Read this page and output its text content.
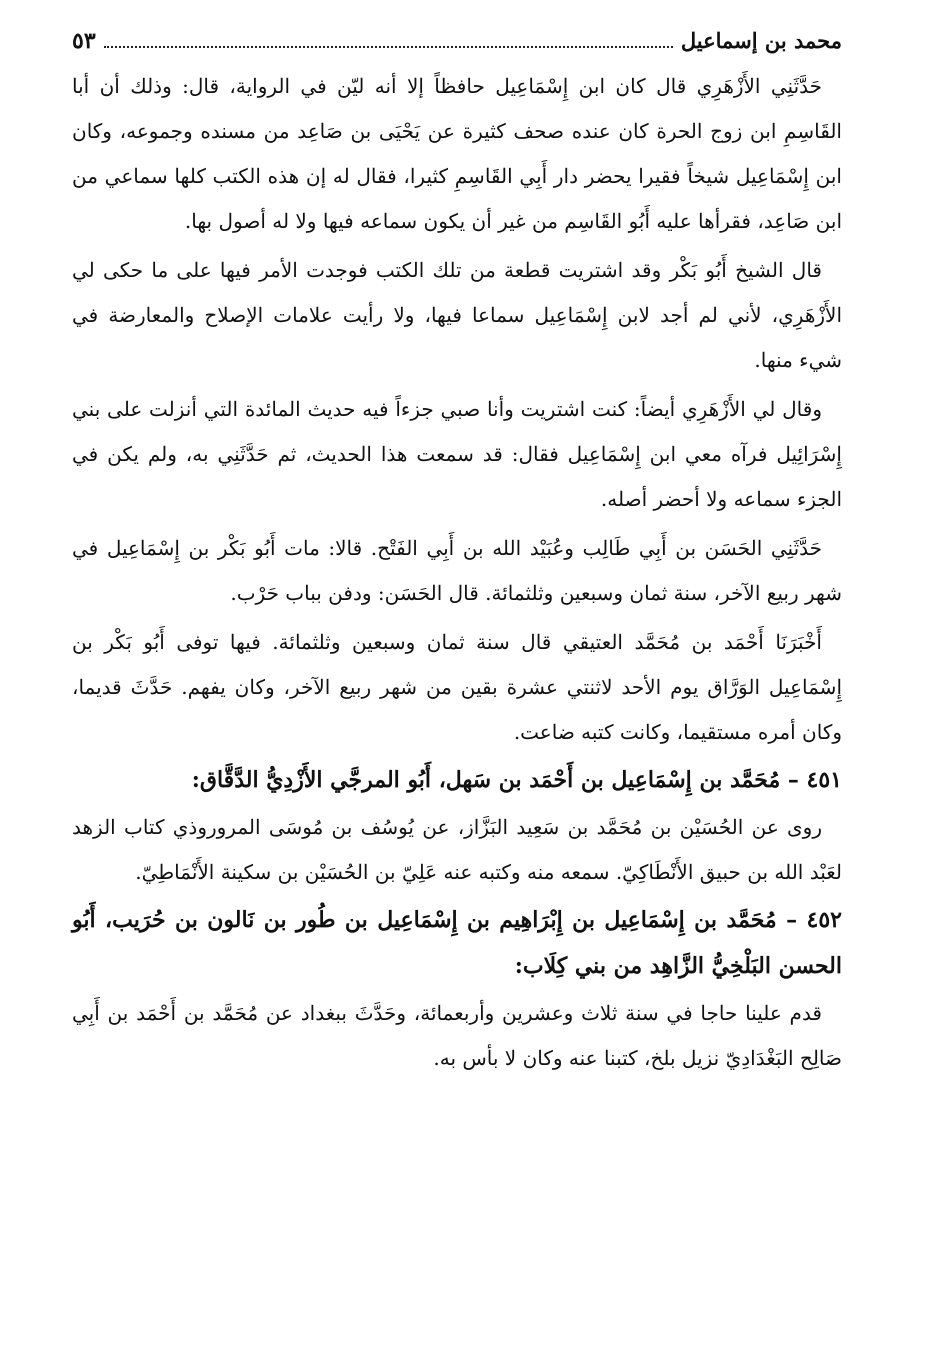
محمد بن إسماعيل
٥٣

حَدَّثَنِي الأَزْهَرِي قال كان ابن إِسْمَاعِيل حافظاً إلا أنه ليّن في الرواية، قال: وذلك أن أبا القَاسِمِ ابن زوج الحرة كان عنده صحف كثيرة عن يَحْيَى بن صَاعِد من مسنده وجموعه، وكان ابن إِسْمَاعِيل شيخاً فقيرا يحضر دار أَبِي القَاسِمِ كثيرا، فقال له إن هذه الكتب كلها سماعي من ابن صَاعِد، فقرأها عليه أَبُو القَاسِم من غير أن يكون سماعه فيها ولا له أصول بها.

قال الشيخ أَبُو بَكْر وقد اشتريت قطعة من تلك الكتب فوجدت الأمر فيها على ما حكى لي الأَزْهَرِي، لأني لم أجد لابن إِسْمَاعِيل سماعا فيها، ولا رأيت علامات الإصلاح والمعارضة في شيء منها.

وقال لي الأَزْهَرِي أيضاً: كنت اشتريت وأنا صبي جزءاً فيه حديث المائدة التي أنزلت على بني إِسْرَائِيل فرآه معي ابن إِسْمَاعِيل فقال: قد سمعت هذا الحديث، ثم حَدَّثَنِي به، ولم يكن في الجزء سماعه ولا أحضر أصله.

حَدَّثَنِي الحَسَن بن أَبِي طَالِب وعُبَيْد الله بن أَبِي الفَتْح. قالا: مات أَبُو بَكْر بن إِسْمَاعِيل في شهر ربيع الآخر، سنة ثمان وسبعين وثلثمائة. قال الحَسَن: ودفن بباب حَرْب.

أَخْبَرَنَا أَحْمَد بن مُحَمَّد العتيقي قال سنة ثمان وسبعين وثلثمائة. فيها توفى أَبُو بَكْر بن إِسْمَاعِيل الوَرَّاق يوم الأحد لاثنتي عشرة بقين من شهر ربيع الآخر، وكان يفهم. حَدَّثَ قديما، وكان أمره مستقيما، وكانت كتبه ضاعت.

٤٥١ – مُحَمَّد بن إِسْمَاعِيل بن أَحْمَد بن سَهل، أَبُو المرجَّي الأَزْدِيُّ الدَّقَّاق:

روى عن الحُسَيْن بن مُحَمَّد بن سَعِيد البَزَّاز، عن يُوسُف بن مُوسَى المروروذي كتاب الزهد لعَبْد الله بن حبيق الأَنْطَاكِيّ. سمعه منه وكتبه عنه عَلِيّ بن الحُسَيْن بن سكينة الأَنْمَاطِيّ.

٤٥٢ – مُحَمَّد بن إِسْمَاعِيل بن إِبْرَاهِيم بن إِسْمَاعِيل بن طُور بن نَالون بن حُرَيب، أَبُو الحسن البَلْخِيُّ الزَّاهِد من بني كِلَاب:

قدم علينا حاجا في سنة ثلاث وعشرين وأربعمائة، وحَدَّثَ ببغداد عن مُحَمَّد بن أَحْمَد بن أَبِي صَالِح البَغْدَادِيّ نزيل بلخ، كتبنا عنه وكان لا بأس به.
